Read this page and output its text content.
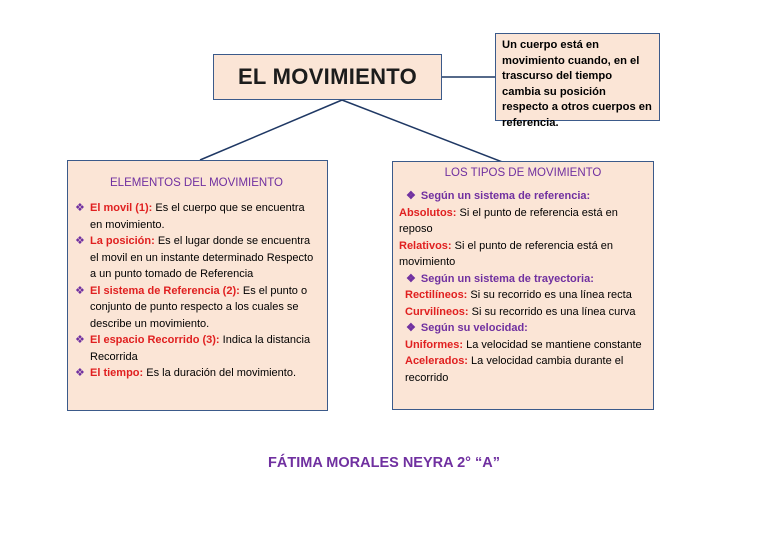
EL MOVIMIENTO
Un cuerpo está en movimiento cuando, en el trascurso del tiempo cambia su posición respecto a otros cuerpos en referencia.
ELEMENTOS DEL MOVIMIENTO
❖ El movil (1): Es el cuerpo que se encuentra en movimiento.
❖ La posición: Es el lugar donde se encuentra el movil en un instante determinado Respecto a un punto tomado de Referencia
❖ El sistema de Referencia (2): Es el punto o conjunto de punto respecto a los cuales se describe un movimiento.
❖ El espacio Recorrido (3): Indica la distancia Recorrida
❖ El tiempo: Es la duración del movimiento.
LOS TIPOS DE MOVIMIENTO
❖ Según un sistema de referencia:
Absolutos: Si el punto de referencia está en reposo
Relativos: Si el punto de referencia está en movimiento
❖ Según un sistema de trayectoria:
Rectilíneos: Si su recorrido es una línea recta
Curvilíneos: Si su recorrido es una línea curva
❖ Según su velocidad:
Uniformes: La velocidad se mantiene constante
Acelerados: La velocidad cambia durante el recorrido
FÁTIMA MORALES NEYRA 2° “A”
